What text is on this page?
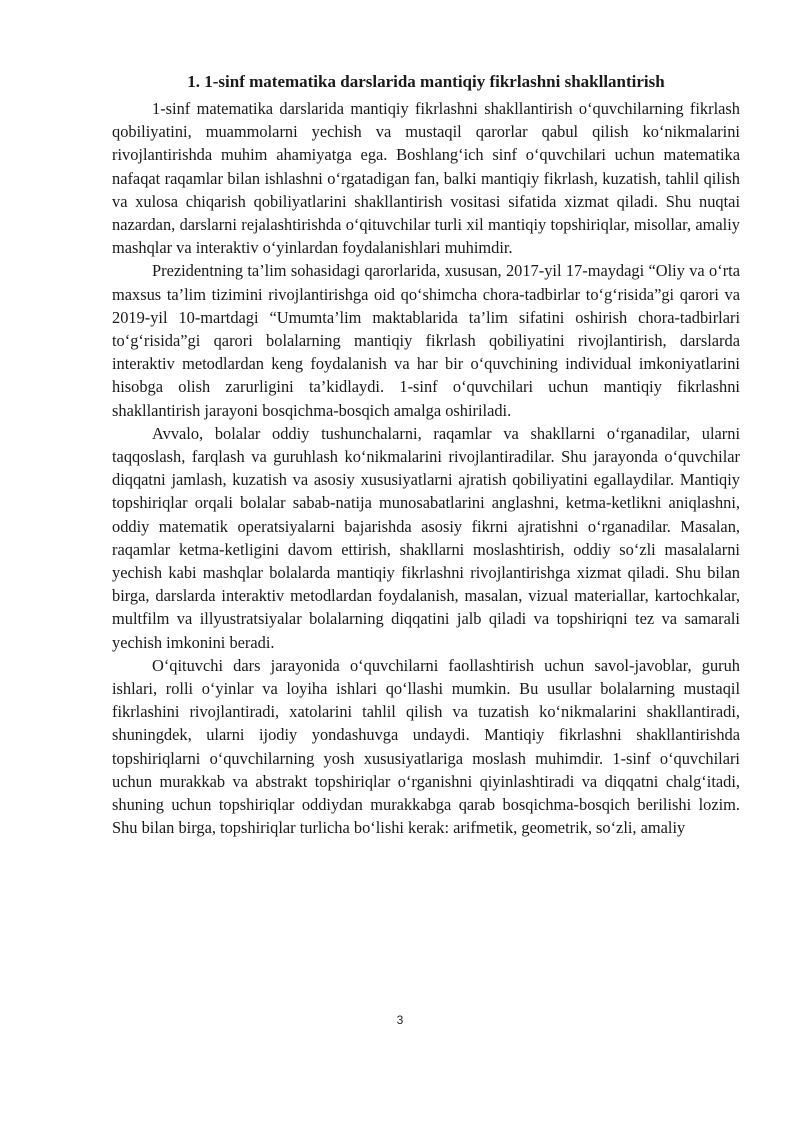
1. 1-sinf matematika darslarida mantiqiy fikrlashni shakllantirish

1-sinf matematika darslarida mantiqiy fikrlashni shakllantirish o‘quvchilarning fikrlash qobiliyatini, muammolarni yechish va mustaqil qarorlar qabul qilish ko‘nikmalarini rivojlantirishda muhim ahamiyatga ega. Boshlang‘ich sinf o‘quvchilari uchun matematika nafaqat raqamlar bilan ishlashni o‘rgatadigan fan, balki mantiqiy fikrlash, kuzatish, tahlil qilish va xulosa chiqarish qobiliyatlarini shakllantirish vositasi sifatida xizmat qiladi. Shu nuqtai nazardan, darslarni rejalashtirishda o‘qituvchilar turli xil mantiqiy topshiriqlar, misollar, amaliy mashqlar va interaktiv o‘yinlardan foydalanishlari muhimdir.

Prezidentning ta’lim sohasidagi qarorlarida, xususan, 2017-yil 17-maydagi “Oliy va o‘rta maxsus ta’lim tizimini rivojlantirishga oid qo‘shimcha chora-tadbirlar to‘g‘risida”gi qarori va 2019-yil 10-martdagi “Umumta’lim maktablarida ta’lim sifatini oshirish chora-tadbirlari to‘g‘risida”gi qarori bolalarning mantiqiy fikrlash qobiliyatini rivojlantirish, darslarda interaktiv metodlardan keng foydalanish va har bir o‘quvchining individual imkoniyatlarini hisobga olish zarurligini ta’kidlaydi. 1-sinf o‘quvchilari uchun mantiqiy fikrlashni shakllantirish jarayoni bosqichma-bosqich amalga oshiriladi.

Avvalo, bolalar oddiy tushunchalarni, raqamlar va shakllarni o‘rganadilar, ularni taqqoslash, farqlash va guruhlash ko‘nikmalarini rivojlantiradilar. Shu jarayonda o‘quvchilar diqqatni jamlash, kuzatish va asosiy xususiyatlarni ajratish qobiliyatini egallaydilar. Mantiqiy topshiriqlar orqali bolalar sabab-natija munosabatlarini anglashni, ketma-ketlikni aniqlashni, oddiy matematik operatsiyalarni bajarishda asosiy fikrni ajratishni o‘rganadilar. Masalan, raqamlar ketma-ketligini davom ettirish, shakllarni moslashtirish, oddiy so‘zli masalalarni yechish kabi mashqlar bolalarda mantiqiy fikrlashni rivojlantirishga xizmat qiladi. Shu bilan birga, darslarda interaktiv metodlardan foydalanish, masalan, vizual materiallar, kartochkalar, multfilm va illyustratsiyalar bolalarning diqqatini jalb qiladi va topshiriqni tez va samarali yechish imkonini beradi.

O‘qituvchi dars jarayonida o‘quvchilarni faollashtirish uchun savol-javoblar, guruh ishlari, rolli o‘yinlar va loyiha ishlari qo‘llashi mumkin. Bu usullar bolalarning mustaqil fikrlashini rivojlantiradi, xatolarini tahlil qilish va tuzatish ko‘nikmalarini shakllantiradi, shuningdek, ularni ijodiy yondashuvga undaydi. Mantiqiy fikrlashni shakllantirishda topshiriqlarni o‘quvchilarning yosh xususiyatlariga moslash muhimdir. 1-sinf o‘quvchilari uchun murakkab va abstrakt topshiriqlar o‘rganishni qiyinlashtiradi va diqqatni chalg‘itadi, shuning uchun topshiriqlar oddiydan murakkabga qarab bosqichma-bosqich berilishi lozim. Shu bilan birga, topshiriqlar turlicha bo‘lishi kerak: arifmetik, geometrik, so‘zli, amaliy

3
